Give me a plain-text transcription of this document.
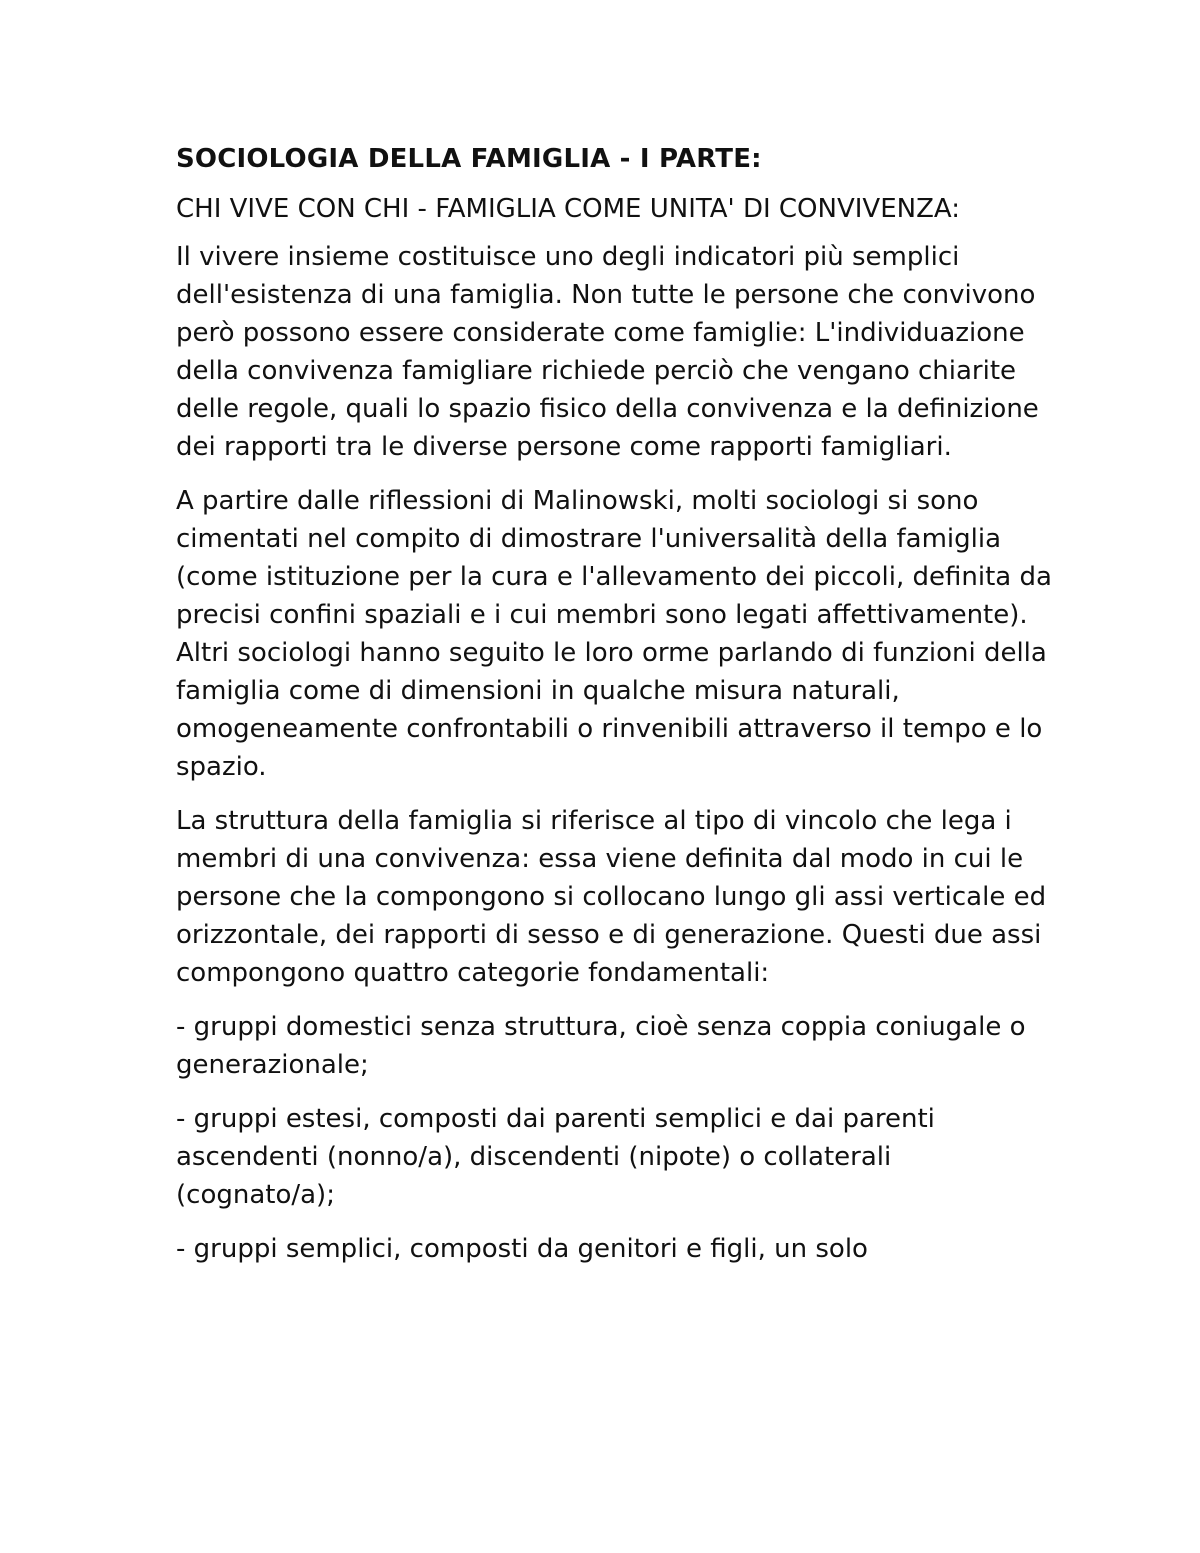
SOCIOLOGIA DELLA FAMIGLIA - I PARTE:
CHI VIVE CON CHI - FAMIGLIA COME UNITA' DI CONVIVENZA:
Il vivere insieme costituisce uno degli indicatori più semplici dell'esistenza di una famiglia. Non tutte le persone che convivono però possono essere considerate come famiglie: L'individuazione della convivenza famigliare richiede perciò che vengano chiarite delle regole, quali lo spazio fisico della convivenza e la definizione dei rapporti tra le diverse persone come rapporti famigliari.
A partire dalle riflessioni di Malinowski, molti sociologi si sono cimentati nel compito di dimostrare l'universalità della famiglia (come istituzione per la cura e l'allevamento dei piccoli, definita da precisi confini spaziali e i cui membri sono legati affettivamente). Altri sociologi hanno seguito le loro orme parlando di funzioni della famiglia come di dimensioni in qualche misura naturali, omogeneamente confrontabili o rinvenibili attraverso il tempo e lo spazio.
La struttura della famiglia si riferisce al tipo di vincolo che lega i membri di una convivenza: essa viene definita dal modo in cui le persone che la compongono si collocano lungo gli assi verticale ed orizzontale, dei rapporti di sesso e di generazione. Questi due assi compongono quattro categorie fondamentali:
- gruppi domestici senza struttura, cioè senza coppia coniugale o generazionale;
- gruppi estesi, composti dai parenti semplici e dai parenti ascendenti (nonno/a), discendenti (nipote) o collaterali (cognato/a);
- gruppi semplici, composti da genitori e figli, un solo
